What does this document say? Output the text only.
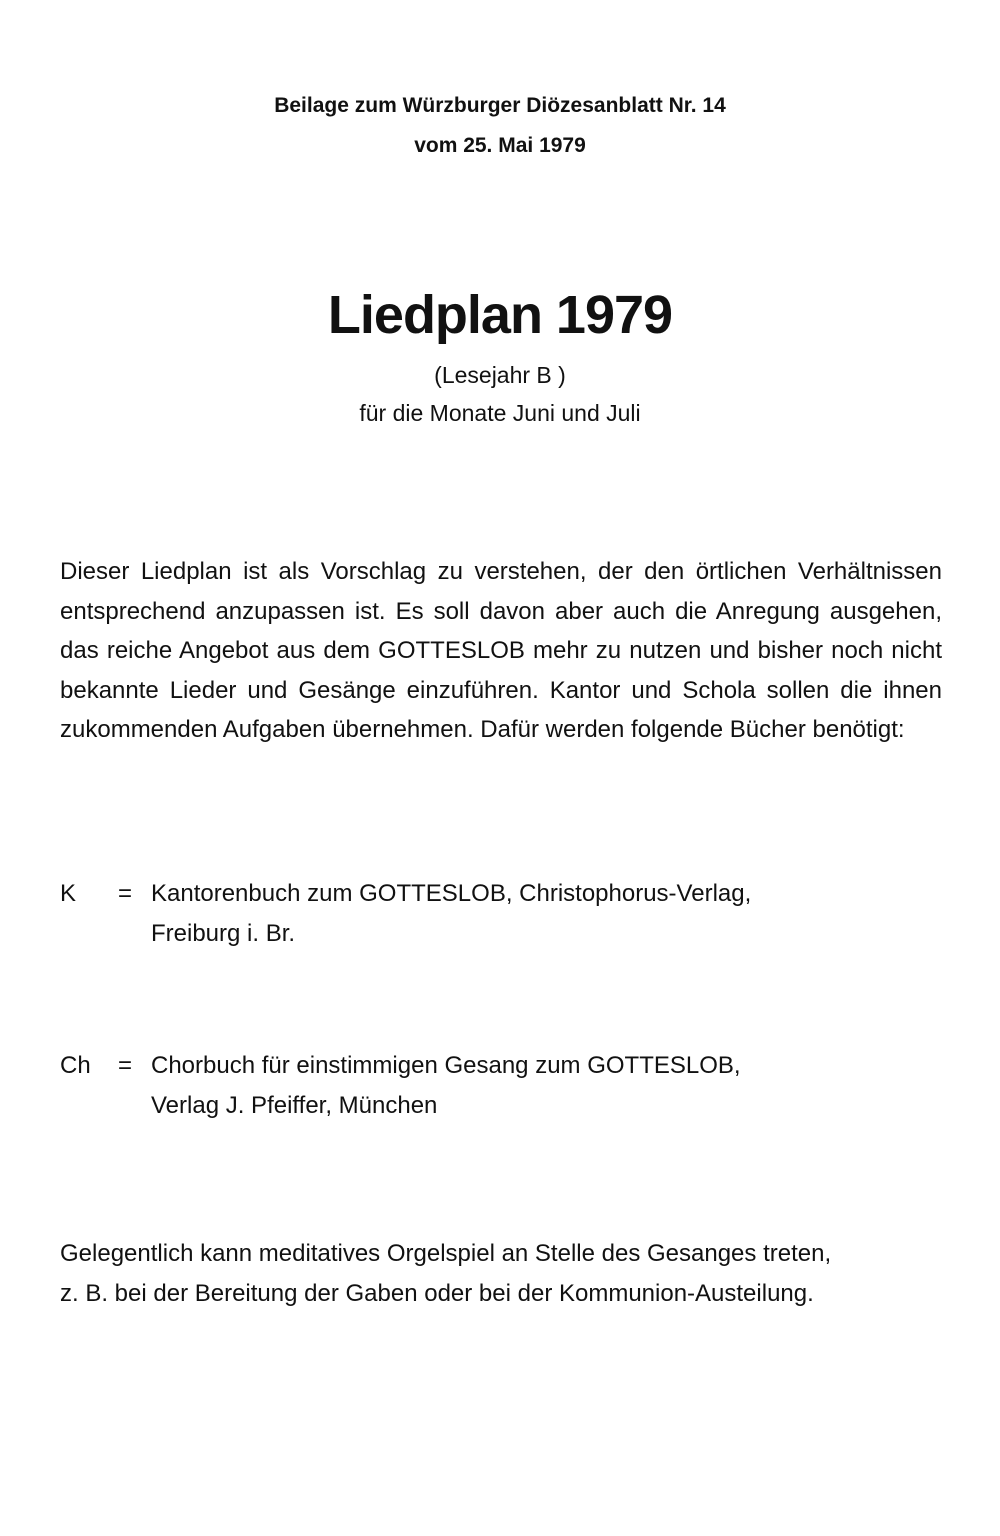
Beilage zum Würzburger Diözesanblatt Nr. 14
vom 25. Mai 1979
Liedplan 1979
(Lesejahr B )
für die Monate Juni und Juli
Dieser Liedplan ist als Vorschlag zu verstehen, der den örtlichen Verhältnissen entsprechend anzupassen ist. Es soll davon aber auch die Anregung ausgehen, das reiche Angebot aus dem GOTTESLOB mehr zu nutzen und bisher noch nicht bekannte Lieder und Gesänge einzuführen. Kantor und Schola sollen die ihnen zukommenden Aufgaben übernehmen. Dafür werden folgende Bücher benötigt:
K	= Kantorenbuch zum GOTTESLOB, Christophorus-Verlag,
Freiburg i. Br.
Ch	= Chorbuch für einstimmigen Gesang zum GOTTESLOB,
Verlag J. Pfeiffer, München
Gelegentlich kann meditatives Orgelspiel an Stelle des Gesanges treten,
z. B. bei der Bereitung der Gaben oder bei der Kommunion-Austeilung.
